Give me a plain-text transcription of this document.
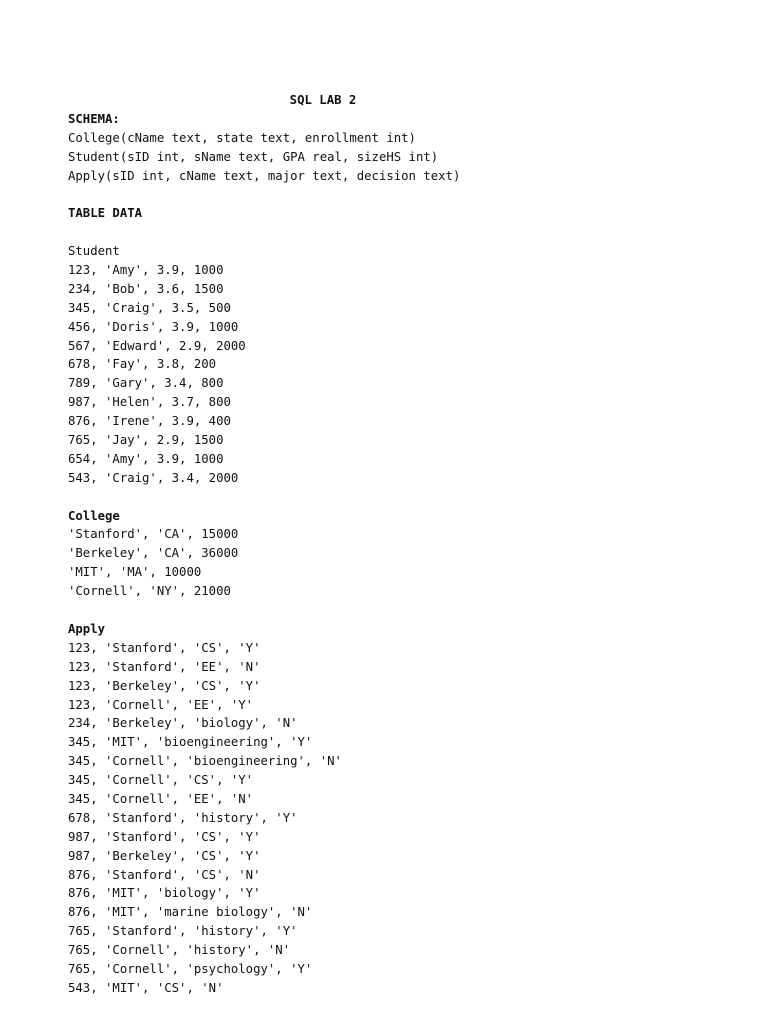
SQL LAB 2
SCHEMA:
College(cName text, state text, enrollment int)
Student(sID int, sName text, GPA real, sizeHS int)
Apply(sID int, cName text, major text, decision text)
TABLE DATA
Student
123, 'Amy', 3.9, 1000
234, 'Bob', 3.6, 1500
345, 'Craig', 3.5, 500
456, 'Doris', 3.9, 1000
567, 'Edward', 2.9, 2000
678, 'Fay', 3.8, 200
789, 'Gary', 3.4, 800
987, 'Helen', 3.7, 800
876, 'Irene', 3.9, 400
765, 'Jay', 2.9, 1500
654, 'Amy', 3.9, 1000
543, 'Craig', 3.4, 2000
College
'Stanford', 'CA', 15000
'Berkeley', 'CA', 36000
'MIT', 'MA', 10000
'Cornell', 'NY', 21000
Apply
123, 'Stanford', 'CS', 'Y'
123, 'Stanford', 'EE', 'N'
123, 'Berkeley', 'CS', 'Y'
123, 'Cornell', 'EE', 'Y'
234, 'Berkeley', 'biology', 'N'
345, 'MIT', 'bioengineering', 'Y'
345, 'Cornell', 'bioengineering', 'N'
345, 'Cornell', 'CS', 'Y'
345, 'Cornell', 'EE', 'N'
678, 'Stanford', 'history', 'Y'
987, 'Stanford', 'CS', 'Y'
987, 'Berkeley', 'CS', 'Y'
876, 'Stanford', 'CS', 'N'
876, 'MIT', 'biology', 'Y'
876, 'MIT', 'marine biology', 'N'
765, 'Stanford', 'history', 'Y'
765, 'Cornell', 'history', 'N'
765, 'Cornell', 'psychology', 'Y'
543, 'MIT', 'CS', 'N'
